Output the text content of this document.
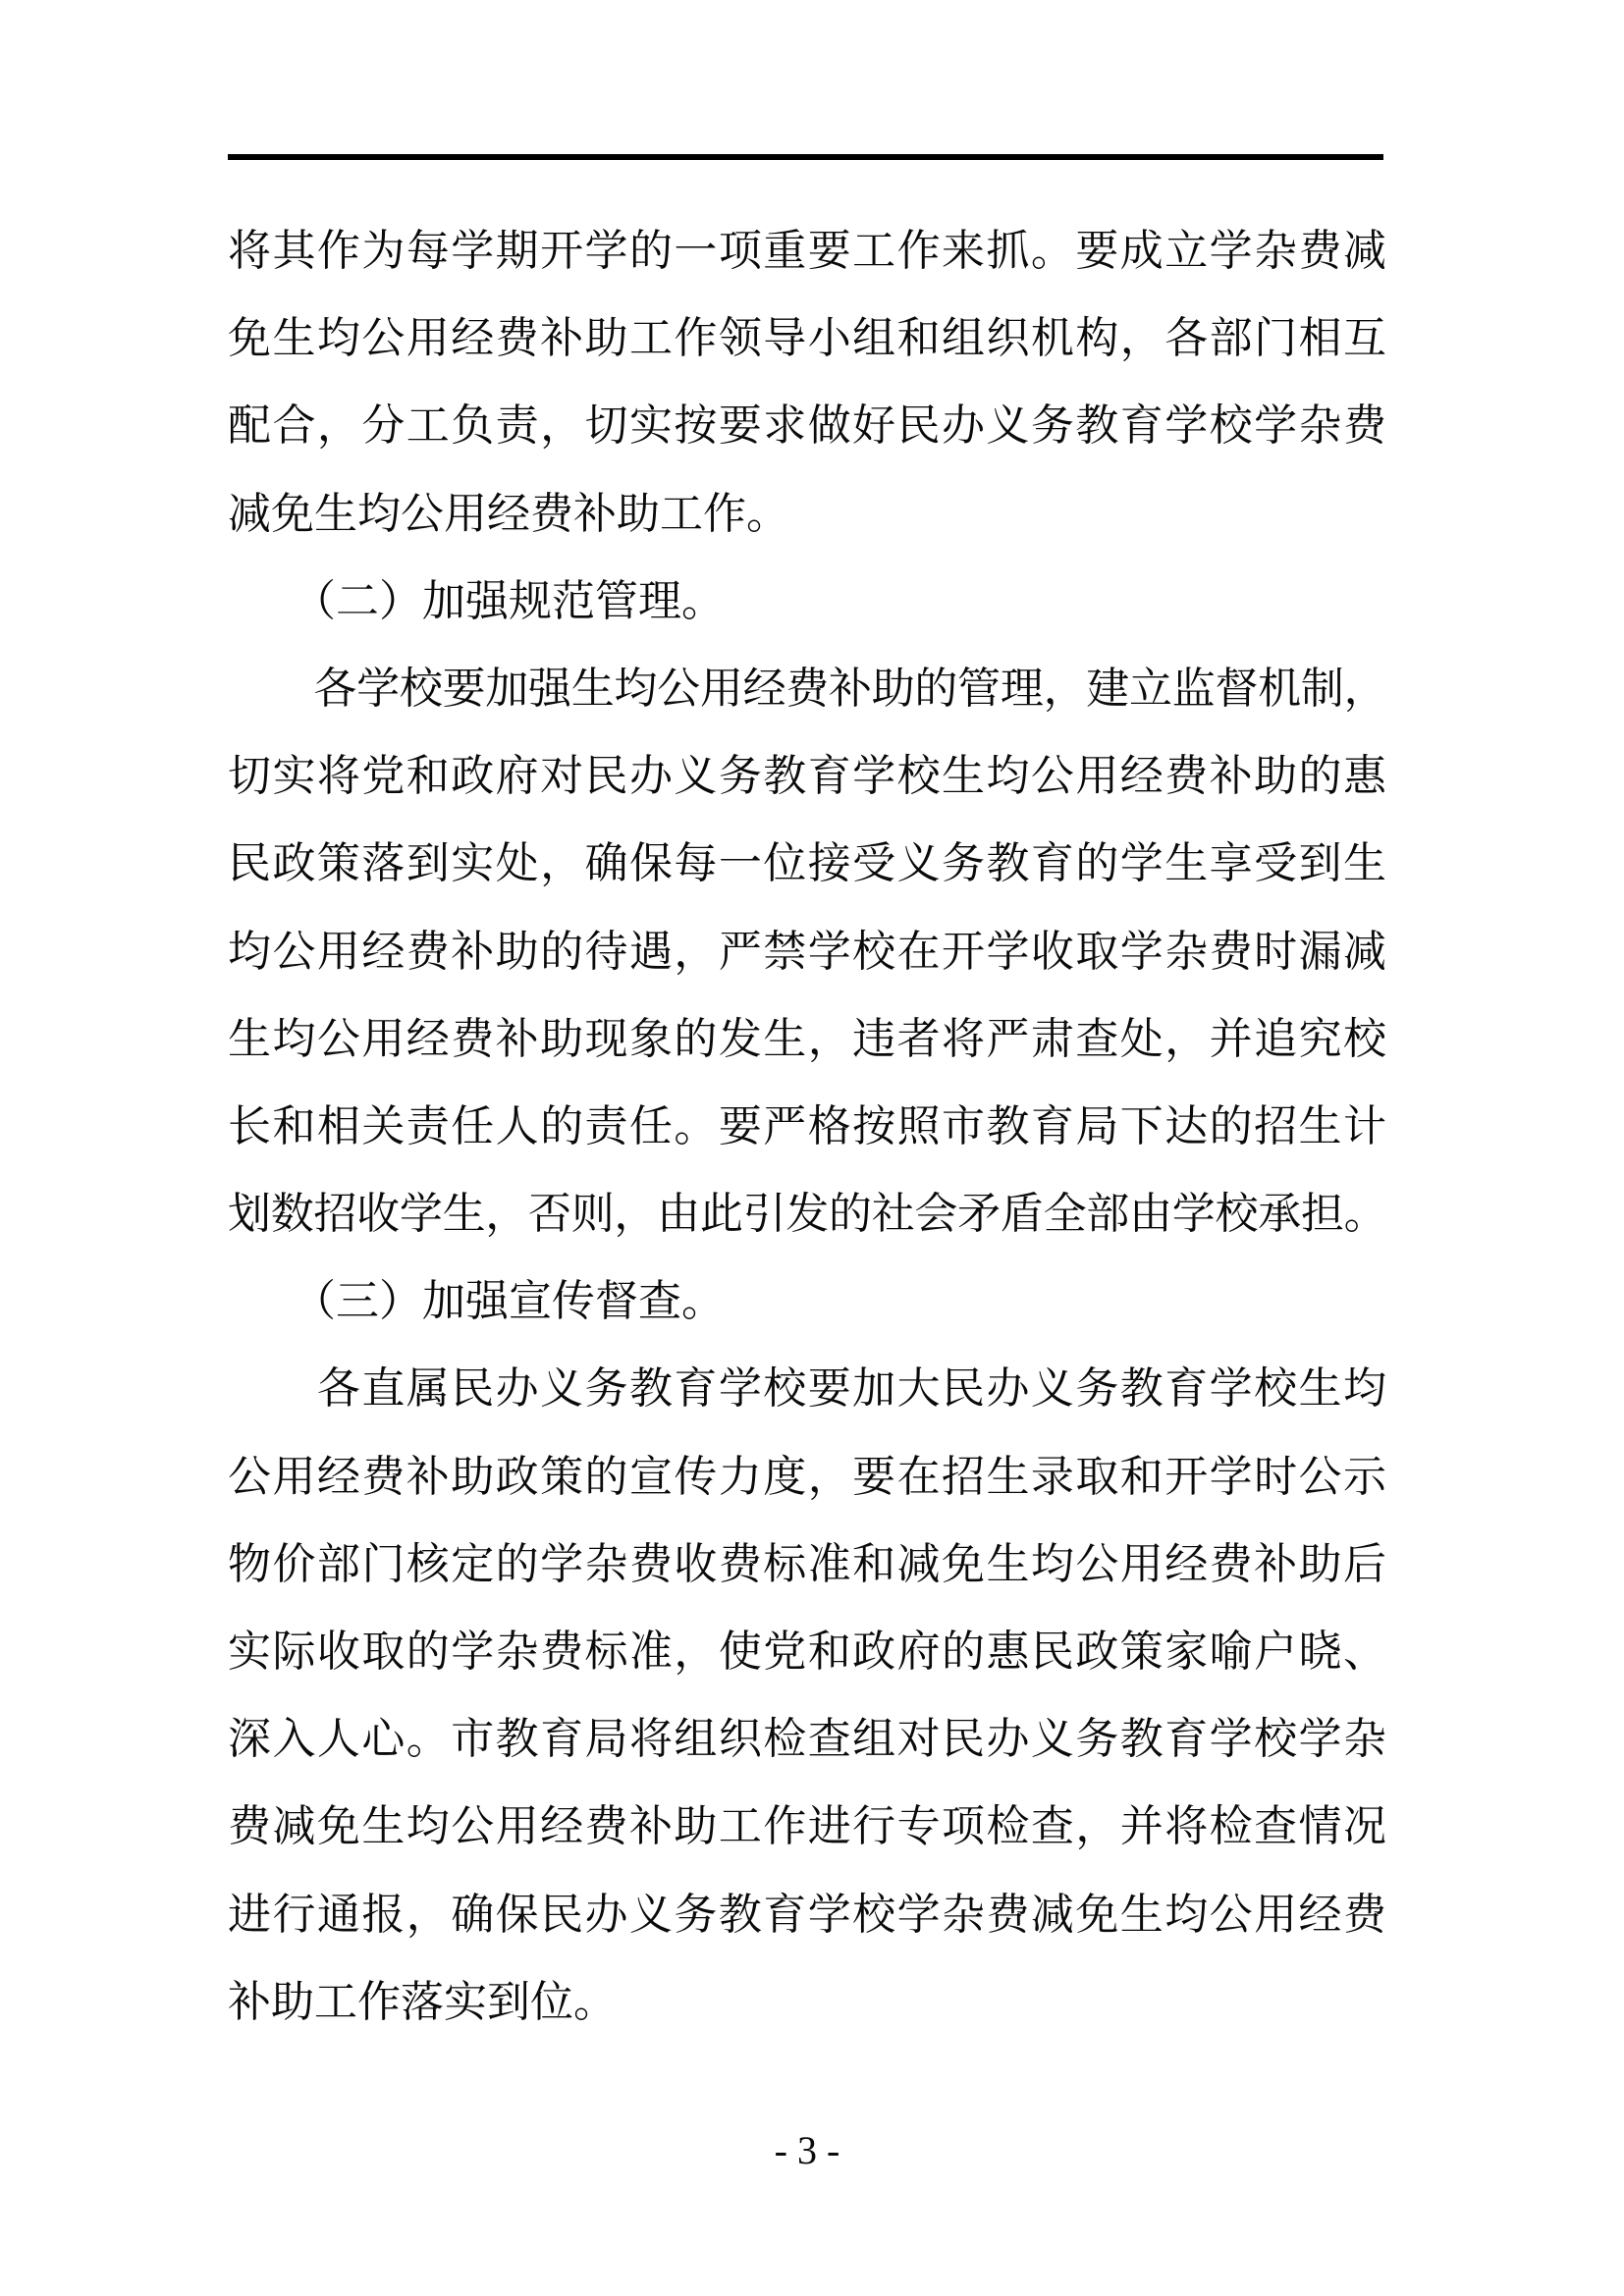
将其作为每学期开学的一项重要工作来抓。要成立学杂费减
免生均公用经费补助工作领导小组和组织机构，各部门相互
配合，分工负责，切实按要求做好民办义务教育学校学杂费
减免生均公用经费补助工作。
　　（二）加强规范管理。
　　各学校要加强生均公用经费补助的管理，建立监督机制，
切实将党和政府对民办义务教育学校生均公用经费补助的惠
民政策落到实处，确保每一位接受义务教育的学生享受到生
均公用经费补助的待遇，严禁学校在开学收取学杂费时漏减
生均公用经费补助现象的发生，违者将严肃查处，并追究校
长和相关责任人的责任。要严格按照市教育局下达的招生计
划数招收学生，否则，由此引发的社会矛盾全部由学校承担。
　　（三）加强宣传督查。
　　各直属民办义务教育学校要加大民办义务教育学校生均
公用经费补助政策的宣传力度，要在招生录取和开学时公示
物价部门核定的学杂费收费标准和减免生均公用经费补助后
实际收取的学杂费标准，使党和政府的惠民政策家喻户晓、
深入人心。市教育局将组织检查组对民办义务教育学校学杂
费减免生均公用经费补助工作进行专项检查，并将检查情况
进行通报，确保民办义务教育学校学杂费减免生均公用经费
补助工作落实到位。
- 3 -
